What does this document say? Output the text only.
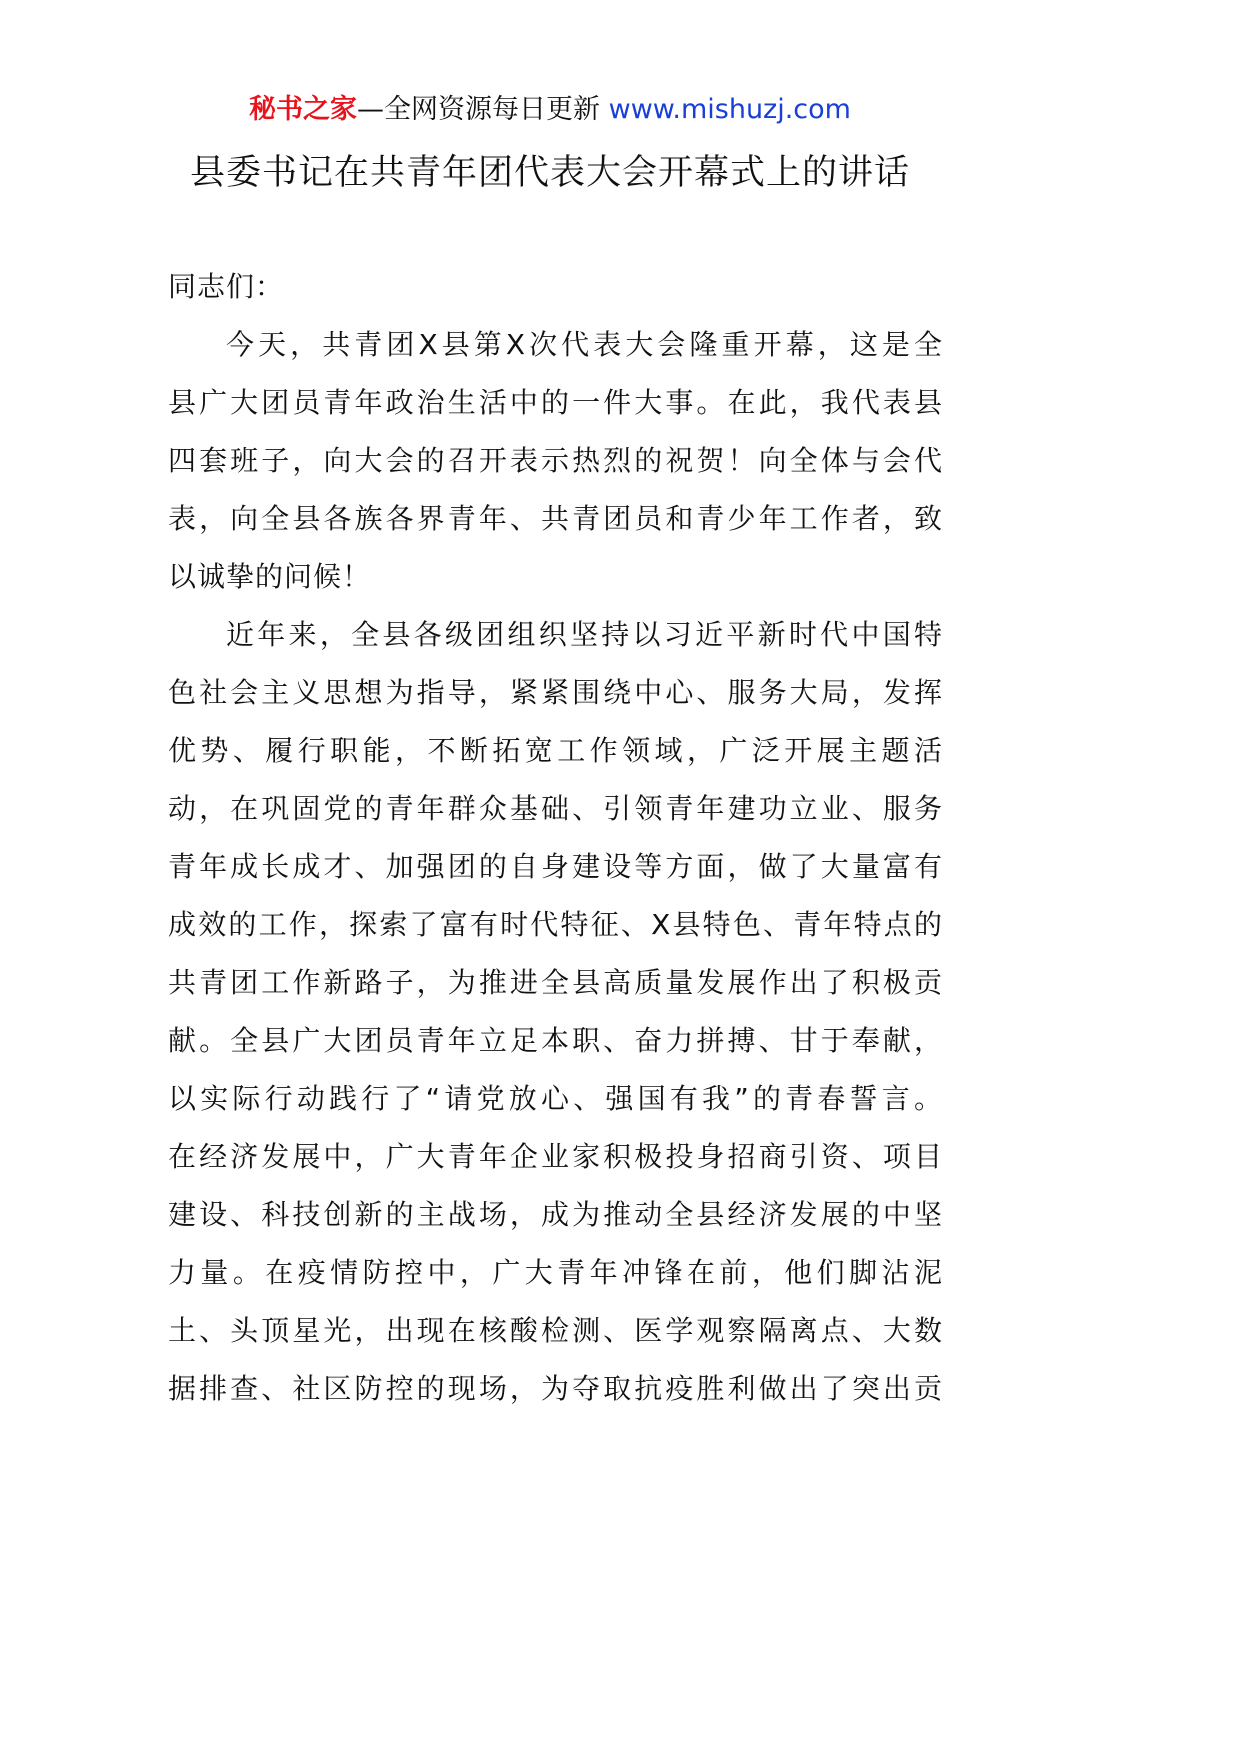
秘书之家—全网资源每日更新 www.mishuzj.com
县委书记在共青年团代表大会开幕式上的讲话
同志们：
今天，共青团X县第X次代表大会隆重开幕，这是全
县广大团员青年政治生活中的一件大事。在此，我代表县
四套班子，向大会的召开表示热烈的祝贺！向全体与会代
表，向全县各族各界青年、共青团员和青少年工作者，致
以诚挚的问候！
近年来，全县各级团组织坚持以习近平新时代中国特
色社会主义思想为指导，紧紧围绕中心、服务大局，发挥
优势、履行职能，不断拓宽工作领域，广泛开展主题活
动，在巩固党的青年群众基础、引领青年建功立业、服务
青年成长成才、加强团的自身建设等方面，做了大量富有
成效的工作，探索了富有时代特征、X县特色、青年特点的
共青团工作新路子，为推进全县高质量发展作出了积极贡
献。全县广大团员青年立足本职、奋力拼搏、甘于奉献，
以实际行动践行了“请党放心、强国有我”的青春誓言。
在经济发展中，广大青年企业家积极投身招商引资、项目
建设、科技创新的主战场，成为推动全县经济发展的中坚
力量。在疫情防控中，广大青年冲锋在前，他们脚沾泥
土、头顶星光，出现在核酸检测、医学观察隔离点、大数
据排查、社区防控的现场，为夺取抗疫胜利做出了突出贡
